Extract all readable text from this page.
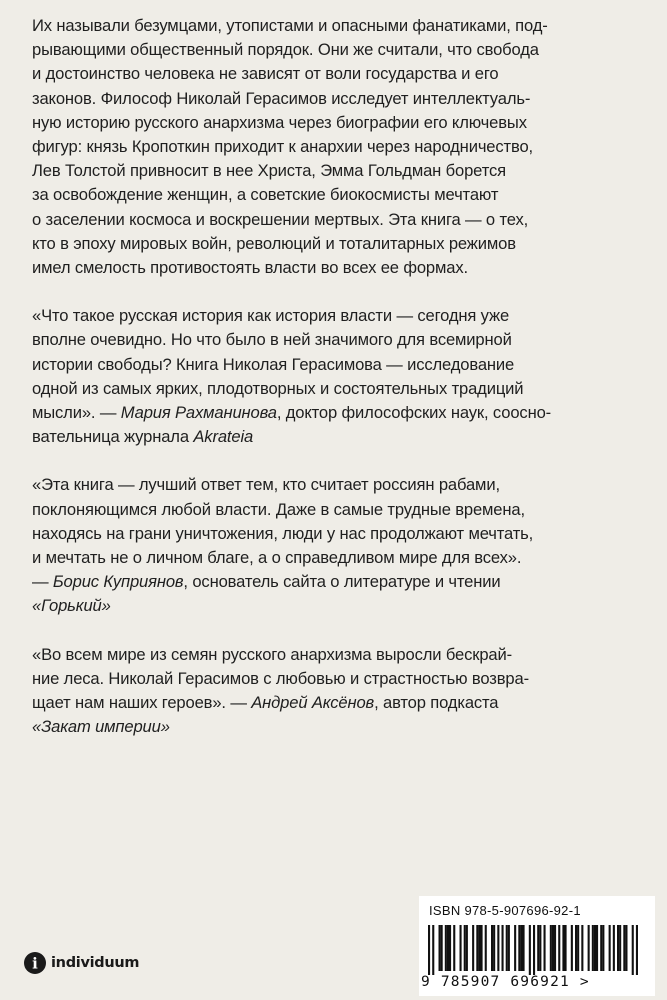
Их называли безумцами, утопистами и опасными фанатиками, под-
рывающими общественный порядок. Они же считали, что свобода
и достоинство человека не зависят от воли государства и его
законов. Философ Николай Герасимов исследует интеллектуаль-
ную историю русского анархизма через биографии его ключевых
фигур: князь Кропоткин приходит к анархии через народничество,
Лев Толстой привносит в нее Христа, Эмма Гольдман борется
за освобождение женщин, а советские биокосмисты мечтают
о заселении космоса и воскрешении мертвых. Эта книга — о тех,
кто в эпоху мировых войн, революций и тоталитарных режимов
имел смелость противостоять власти во всех ее формах.

«Что такое русская история как история власти — сегодня уже
вполне очевидно. Но что было в ней значимого для всемирной
истории свободы? Книга Николая Герасимова — исследование
одной из самых ярких, плодотворных и состоятельных традиций
мысли». — Мария Рахманинова, доктор философских наук, соосно-
вательница журнала Akrateia

«Эта книга — лучший ответ тем, кто считает россиян рабами,
поклоняющимся любой власти. Даже в самые трудные времена,
находясь на грани уничтожения, люди у нас продолжают мечтать,
и мечтать не о личном благе, а о справедливом мире для всех».
— Борис Куприянов, основатель сайта о литературе и чтении
«Горький»

«Во всем мире из семян русского анархизма выросли бескрай-
ние леса. Николай Герасимов с любовью и страстностью возвра-
щает нам наших героев». — Андрей Аксёнов, автор подкаста
«Закат империи»

i individuum
ISBN 978-5-907696-92-1
9 785907 696921 >
